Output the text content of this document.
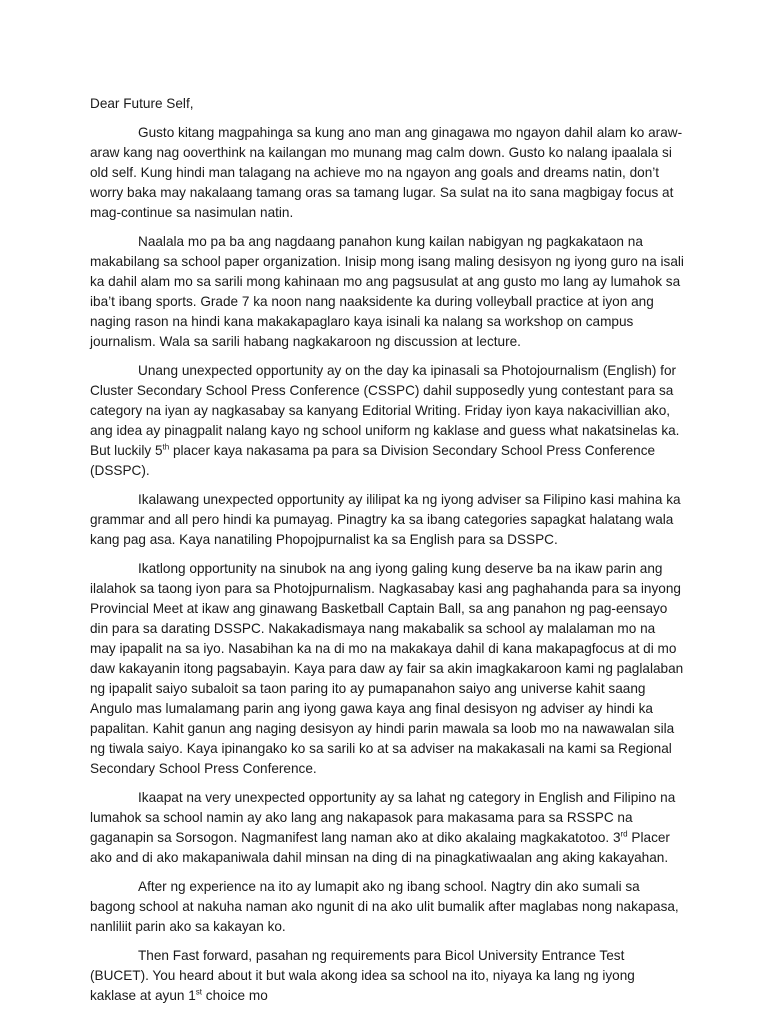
Dear Future Self,

Gusto kitang magpahinga sa kung ano man ang ginagawa mo ngayon dahil alam ko araw-araw kang nag ooverthink na kailangan mo munang mag calm down. Gusto ko nalang ipaalala si old self. Kung hindi man talagang na achieve mo na ngayon ang goals and dreams natin, don’t worry baka may nakalaang tamang oras sa tamang lugar. Sa sulat na ito sana magbigay focus at mag-continue sa nasimulan natin.

Naalala mo pa ba ang nagdaang panahon kung kailan nabigyan ng pagkakataon na makabilang sa school paper organization. Inisip mong isang maling desisyon ng iyong guro na isali ka dahil alam mo sa sarili mong kahinaan mo ang pagsusulat at ang gusto mo lang ay lumahok sa iba’t ibang sports. Grade 7 ka noon nang naaksidente ka during volleyball practice at iyon ang naging rason na hindi kana makakapaglaro kaya isinali ka nalang sa workshop on campus journalism. Wala sa sarili habang nagkakaroon ng discussion at lecture.

Unang unexpected opportunity ay on the day ka ipinasali sa Photojournalism (English) for Cluster Secondary School Press Conference (CSSPC) dahil supposedly yung contestant para sa category na iyan ay nagkasabay sa kanyang Editorial Writing. Friday iyon kaya nakacivillian ako, ang idea ay pinagpalit nalang kayo ng school uniform ng kaklase and guess what nakatsinelas ka. But luckily 5th placer kaya nakasama pa para sa Division Secondary School Press Conference (DSSPC).

Ikalawang unexpected opportunity ay ililipat ka ng iyong adviser sa Filipino kasi mahina ka grammar and all pero hindi ka pumayag. Pinagtry ka sa ibang categories sapagkat halatang wala kang pag asa. Kaya nanatiling Phopojpurnalist ka sa English para sa DSSPC.

Ikatlong opportunity na sinubok na ang iyong galing kung deserve ba na ikaw parin ang ilalahok sa taong iyon para sa Photojpurnalism. Nagkasabay kasi ang paghahanda para sa inyong Provincial Meet at ikaw ang ginawang Basketball Captain Ball, sa ang panahon ng pag-eensayo din para sa darating DSSPC. Nakakadismaya nang makabalik sa school ay malalaman mo na may ipapalit na sa iyo. Nasabihan ka na di mo na makakaya dahil di kana makapagfocus at di mo daw kakayanin itong pagsabayin. Kaya para daw ay fair sa akin imagkakaroon kami ng paglalaban ng ipapalit saiyo subaloit sa taon paring ito ay pumapanahon saiyo ang universe kahit saang Angulo mas lumalamang parin ang iyong gawa kaya ang final desisyon ng adviser ay hindi ka papalitan. Kahit ganun ang naging desisyon ay hindi parin mawala sa loob mo na nawawalan sila ng tiwala saiyo. Kaya ipinangako ko sa sarili ko at sa adviser na makakasali na kami sa Regional Secondary School Press Conference.

Ikaapat na very unexpected opportunity ay sa lahat ng category in English and Filipino na lumahok sa school namin ay ako lang ang nakapasok para makasama para sa RSSPC na gaganapin sa Sorsogon. Nagmanifest lang naman ako at diko akalaing magkakatotoo. 3rd Placer ako and di ako makapaniwala dahil minsan na ding di na pinagkatiwaalan ang aking kakayahan.

After ng experience na ito ay lumapit ako ng ibang school. Nagtry din ako sumali sa bagong school at nakuha naman ako ngunit di na ako ulit bumalik after maglabas nong nakapasa, nanliliit parin ako sa kakayan ko.

Then Fast forward, pasahan ng requirements para Bicol University Entrance Test (BUCET). You heard about it but wala akong idea sa school na ito, niyaya ka lang ng iyong kaklase at ayun 1st choice mo
